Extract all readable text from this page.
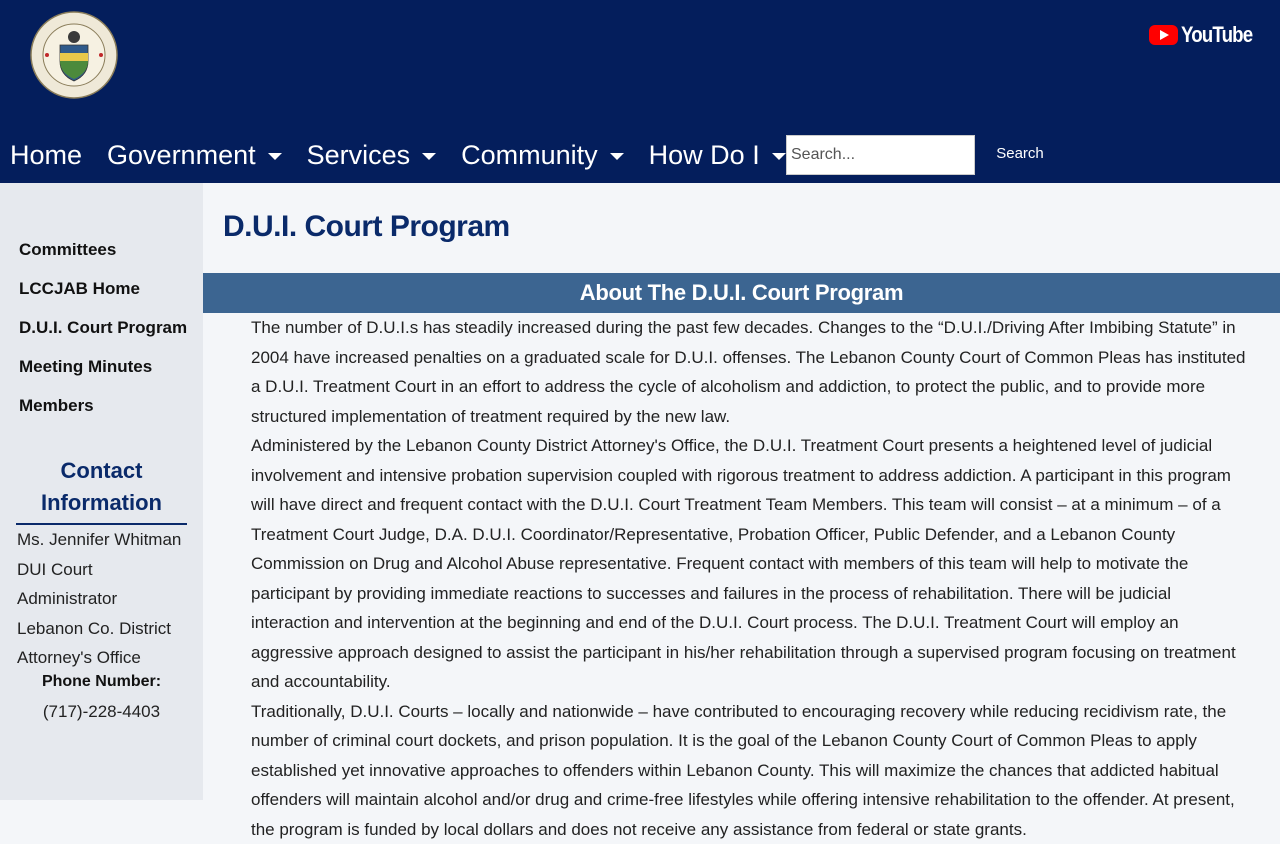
YouTube
Home Government Services Community How Do I
Search...	Search
Committees
LCCJAB Home
D.U.I. Court Program
Meeting Minutes
Members
Contact Information
Ms. Jennifer Whitman
DUI Court
Administrator
Lebanon Co. District
Attorney's Office
Phone Number:
(717)-228-4403
D.U.I. Court Program
About The D.U.I. Court Program

The number of D.U.I.s has steadily increased during the past few decades. Changes to the “D.U.I./Driving After Imbibing Statute” in 2004 have increased penalties on a graduated scale for D.U.I. offenses. The Lebanon County Court of Common Pleas has instituted a D.U.I. Treatment Court in an effort to address the cycle of alcoholism and addiction, to protect the public, and to provide more structured implementation of treatment required by the new law.

Administered by the Lebanon County District Attorney's Office, the D.U.I. Treatment Court presents a heightened level of judicial involvement and intensive probation supervision coupled with rigorous treatment to address addiction. A participant in this program will have direct and frequent contact with the D.U.I. Court Treatment Team Members. This team will consist – at a minimum – of a Treatment Court Judge, D.A. D.U.I. Coordinator/Representative, Probation Officer, Public Defender, and a Lebanon County Commission on Drug and Alcohol Abuse representative. Frequent contact with members of this team will help to motivate the participant by providing immediate reactions to successes and failures in the process of rehabilitation. There will be judicial interaction and intervention at the beginning and end of the D.U.I. Court process. The D.U.I. Treatment Court will employ an aggressive approach designed to assist the participant in his/her rehabilitation through a supervised program focusing on treatment and accountability.

Traditionally, D.U.I. Courts – locally and nationwide – have contributed to encouraging recovery while reducing recidivism rate, the number of criminal court dockets, and prison population. It is the goal of the Lebanon County Court of Common Pleas to apply established yet innovative approaches to offenders within Lebanon County. This will maximize the chances that addicted habitual offenders will maintain alcohol and/or drug and crime-free lifestyles while offering intensive rehabilitation to the offender. At present, the program is funded by local dollars and does not receive any assistance from federal or state grants.
